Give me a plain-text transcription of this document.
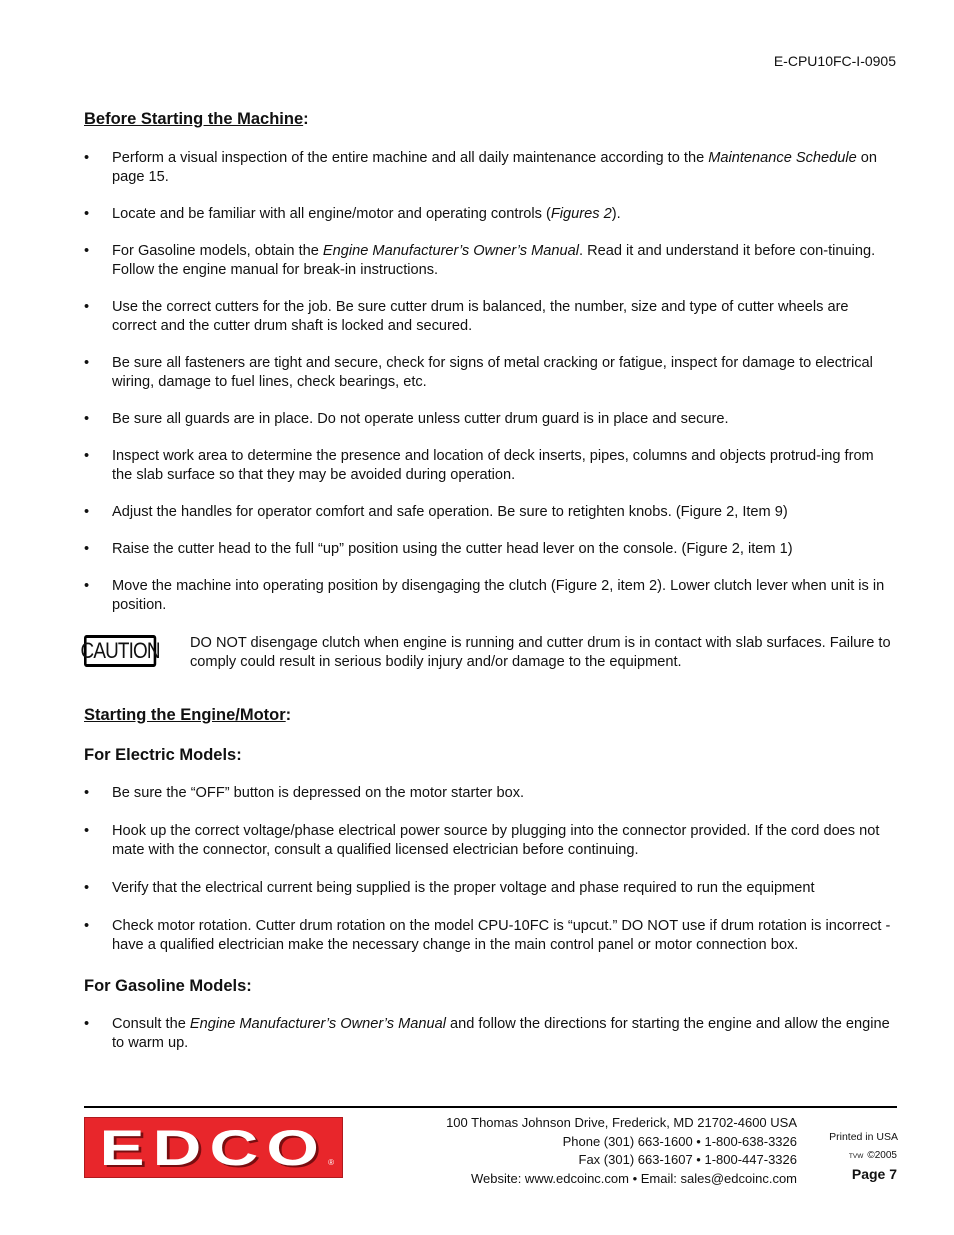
E-CPU10FC-I-0905
Before Starting the Machine:
• Perform a visual inspection of the entire machine and all daily maintenance according to the Maintenance Schedule on page 15.
• Locate and be familiar with all engine/motor and operating controls (Figures 2).
• For Gasoline models, obtain the Engine Manufacturer’s Owner’s Manual. Read it and understand it before con-tinuing. Follow the engine manual for break-in instructions.
• Use the correct cutters for the job. Be sure cutter drum is balanced, the number, size and type of cutter wheels are correct and the cutter drum shaft is locked and secured.
• Be sure all fasteners are tight and secure, check for signs of metal cracking or fatigue, inspect for damage to electrical wiring, damage to fuel lines, check bearings, etc.
• Be sure all guards are in place. Do not operate unless cutter drum guard is in place and secure.
• Inspect work area to determine the presence and location of deck inserts, pipes, columns and objects protrud-ing from the slab surface so that they may be avoided during operation.
• Adjust the handles for operator comfort and safe operation. Be sure to retighten knobs. (Figure 2, Item 9)
• Raise the cutter head to the full “up” position using the cutter head lever on the console. (Figure 2, item 1)
• Move the machine into operating position by disengaging the clutch (Figure 2, item 2). Lower clutch lever when unit is in position.
CAUTION DO NOT disengage clutch when engine is running and cutter drum is in contact with slab surfaces. Failure to comply could result in serious bodily injury and/or damage to the equipment.
Starting the Engine/Motor:
For Electric Models:
• Be sure the “OFF” button is depressed on the motor starter box.
• Hook up the correct voltage/phase electrical power source by plugging into the connector provided. If the cord does not mate with the connector, consult a qualified licensed electrician before continuing.
• Verify that the electrical current being supplied is the proper voltage and phase required to run the equipment
• Check motor rotation. Cutter drum rotation on the model CPU-10FC is “upcut.” DO NOT use if drum rotation is incorrect - have a qualified electrician make the necessary change in the main control panel or motor connection box.
For Gasoline Models:
• Consult the Engine Manufacturer’s Owner’s Manual and follow the directions for starting the engine and allow the engine to warm up.
EDCO ®
100 Thomas Johnson Drive, Frederick, MD 21702-4600 USA
Phone (301) 663-1600 • 1-800-638-3326
Fax (301) 663-1607 • 1-800-447-3326
Website: www.edcoinc.com • Email: sales@edcoinc.com
Printed in USA
TVW ©2005
Page 7
